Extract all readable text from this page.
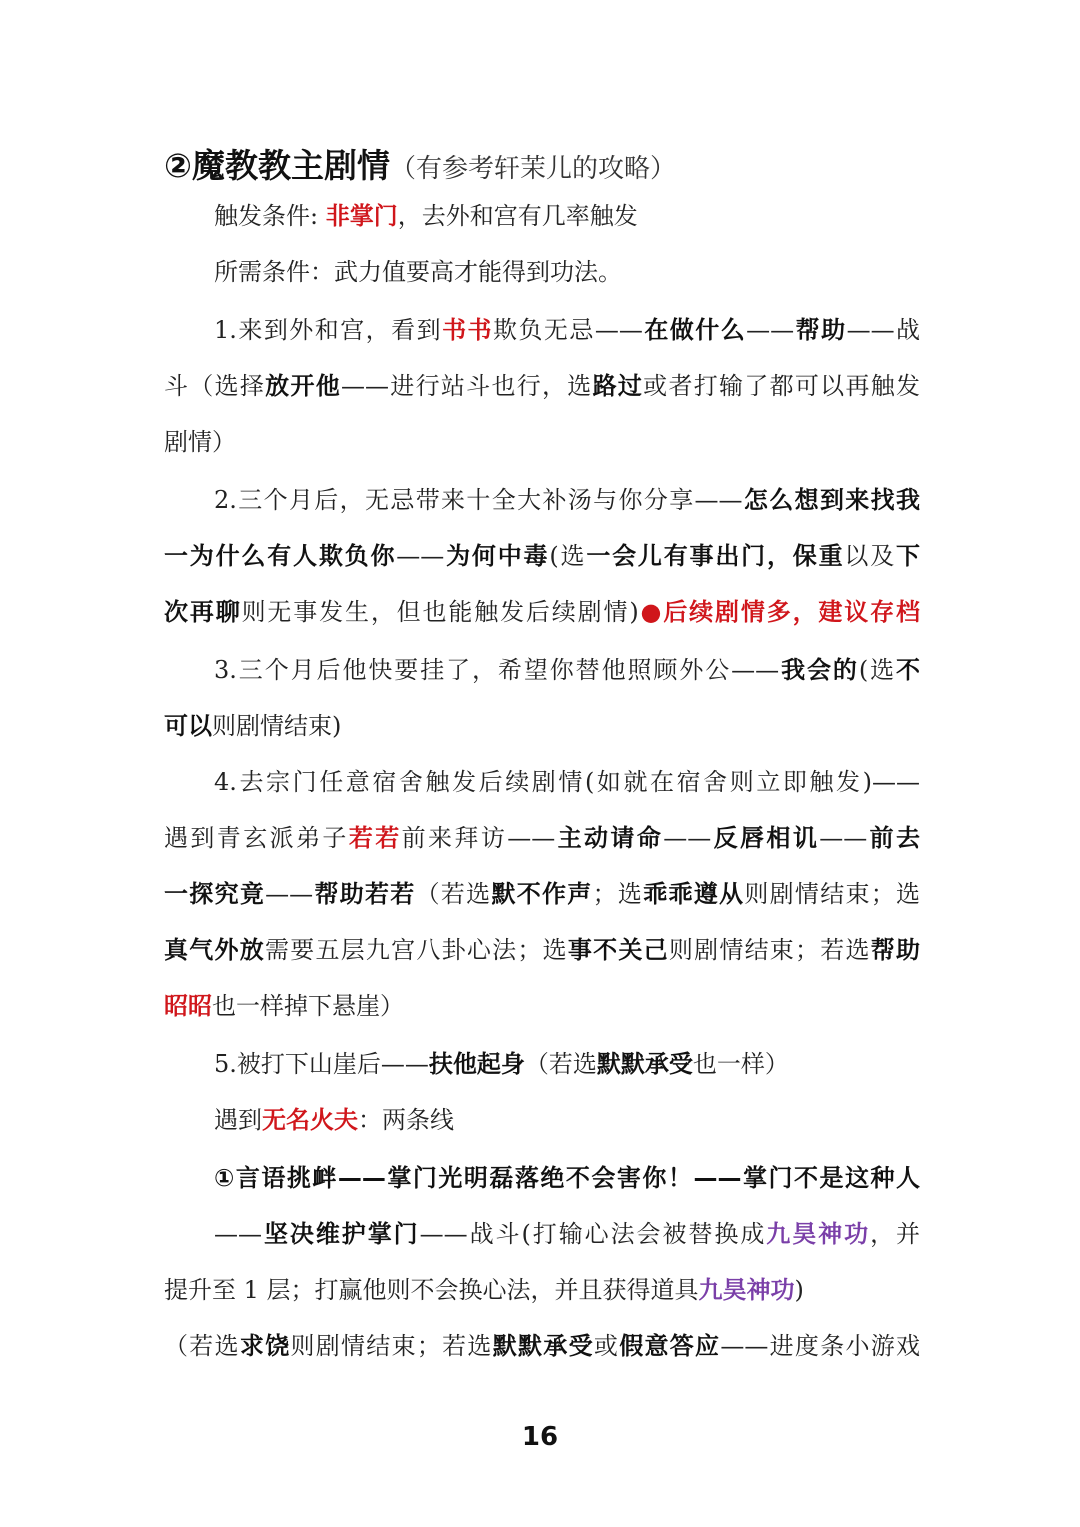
②魔教教主剧情（有参考轩茉儿的攻略）
触发条件: 非掌门，去外和宫有几率触发
所需条件：武力值要高才能得到功法。
1.来到外和宫，看到书书欺负无忌——在做什么——帮助——战
斗（选择放开他——进行站斗也行，选路过或者打输了都可以再触发
剧情）
2.三个月后，无忌带来十全大补汤与你分享——怎么想到来找我
一为什么有人欺负你——为何中毒(选一会儿有事出门，保重以及下
次再聊则无事发生，但也能触发后续剧情)●后续剧情多，建议存档
3.三个月后他快要挂了，希望你替他照顾外公——我会的(选不
可以则剧情结束)
4.去宗门任意宿舍触发后续剧情(如就在宿舍则立即触发)——
遇到青玄派弟子若若前来拜访——主动请命——反唇相讥——前去
一探究竟——帮助若若（若选默不作声；选乖乖遵从则剧情结束；选
真气外放需要五层九宫八卦心法；选事不关己则剧情结束；若选帮助
昭昭也一样掉下悬崖）
5.被打下山崖后——扶他起身（若选默默承受也一样）
遇到无名火夫：两条线
①言语挑衅——掌门光明磊落绝不会害你！——掌门不是这种人
——坚决维护掌门——战斗(打输心法会被替换成九昊神功，并
提升至 1 层；打赢他则不会换心法，并且获得道具九昊神功)
（若选求饶则剧情结束；若选默默承受或假意答应——进度条小游戏
16
